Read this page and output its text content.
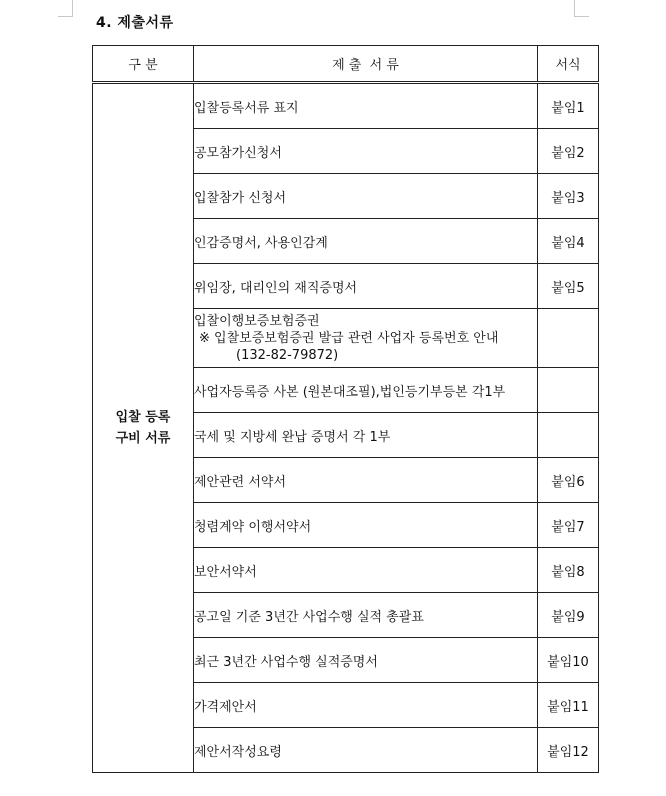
4. 제출서류
구 분	제 출  서 류	서식

입찰 등록
구비 서류	입찰등록서류 표지	붙임1
	공모참가신청서	붙임2
	입찰참가 신청서	붙임3
	인감증명서, 사용인감계	붙임4
	위임장, 대리인의 재직증명서	붙임5

	입찰이행보증보험증권
※ 입찰보증보험증권 발급 관련 사업자 등록번호 안내
(132-82-79872)	

	사업자등록증 사본 (원본대조필),법인등기부등본 각1부	
	국세 및 지방세 완납 증명서 각 1부	
	제안관련 서약서	붙임6
	청렴계약 이행서약서	붙임7
	보안서약서	붙임8
	공고일 기준 3년간 사업수행 실적 총괄표	붙임9
	최근 3년간 사업수행 실적증명서	붙임10
	가격제안서	붙임11
	제안서작성요령	붙임12
